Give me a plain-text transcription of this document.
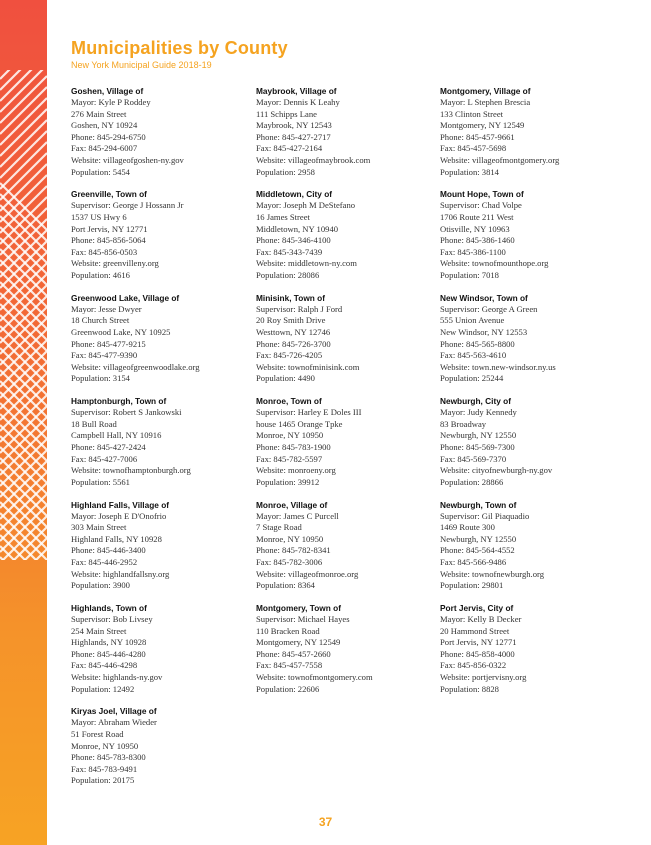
Municipalities by County
New York Municipal Guide 2018-19
Goshen, Village of
Mayor: Kyle P Roddey
276 Main Street
Goshen, NY 10924
Phone: 845-294-6750
Fax: 845-294-6007
Website: villageofgoshen-ny.gov
Population: 5454
Greenville, Town of
Supervisor: George J Hossann Jr
1537 US Hwy 6
Port Jervis, NY 12771
Phone: 845-856-5064
Fax: 845-856-0503
Website: greenvilleny.org
Population: 4616
Greenwood Lake, Village of
Mayor: Jesse Dwyer
18 Church Street
Greenwood Lake, NY 10925
Phone: 845-477-9215
Fax: 845-477-9390
Website: villageofgreenwoodlake.org
Population: 3154
Hamptonburgh, Town of
Supervisor: Robert S Jankowski
18 Bull Road
Campbell Hall, NY 10916
Phone: 845-427-2424
Fax: 845-427-7006
Website: townofhamptonburgh.org
Population: 5561
Highland Falls, Village of
Mayor: Joseph E D'Onofrio
303 Main Street
Highland Falls, NY 10928
Phone: 845-446-3400
Fax: 845-446-2952
Website: highlandfallsny.org
Population: 3900
Highlands, Town of
Supervisor: Bob Livsey
254 Main Street
Highlands, NY 10928
Phone: 845-446-4280
Fax: 845-446-4298
Website: highlands-ny.gov
Population: 12492
Kiryas Joel, Village of
Mayor: Abraham Wieder
51 Forest Road
Monroe, NY 10950
Phone: 845-783-8300
Fax: 845-783-9491
Population: 20175
Maybrook, Village of
Mayor: Dennis K Leahy
111 Schipps Lane
Maybrook, NY 12543
Phone: 845-427-2717
Fax: 845-427-2164
Website: villageofmaybrook.com
Population: 2958
Middletown, City of
Mayor: Joseph M DeStefano
16 James Street
Middletown, NY 10940
Phone: 845-346-4100
Fax: 845-343-7439
Website: middletown-ny.com
Population: 28086
Minisink, Town of
Supervisor: Ralph J Ford
20 Roy Smith Drive
Westtown, NY 12746
Phone: 845-726-3700
Fax: 845-726-4205
Website: townofminisink.com
Population: 4490
Monroe, Town of
Supervisor: Harley E Doles III
house 1465 Orange Tpke
Monroe, NY 10950
Phone: 845-783-1900
Fax: 845-782-5597
Website: monroeny.org
Population: 39912
Monroe, Village of
Mayor: James C Purcell
7 Stage Road
Monroe, NY 10950
Phone: 845-782-8341
Fax: 845-782-3006
Website: villageofmonroe.org
Population: 8364
Montgomery, Town of
Supervisor: Michael Hayes
110 Bracken Road
Montgomery, NY 12549
Phone: 845-457-2660
Fax: 845-457-7558
Website: townofmontgomery.com
Population: 22606
Montgomery, Village of
Mayor: L Stephen Brescia
133 Clinton Street
Montgomery, NY 12549
Phone: 845-457-9661
Fax: 845-457-5698
Website: villageofmontgomery.org
Population: 3814
Mount Hope, Town of
Supervisor: Chad Volpe
1706 Route 211 West
Otisville, NY 10963
Phone: 845-386-1460
Fax: 845-386-1100
Website: townofmounthope.org
Population: 7018
New Windsor, Town of
Supervisor: George A Green
555 Union Avenue
New Windsor, NY 12553
Phone: 845-565-8800
Fax: 845-563-4610
Website: town.new-windsor.ny.us
Population: 25244
Newburgh, City of
Mayor: Judy Kennedy
83 Broadway
Newburgh, NY 12550
Phone: 845-569-7300
Fax: 845-569-7370
Website: cityofnewburgh-ny.gov
Population: 28866
Newburgh, Town of
Supervisor: Gil Piaquadio
1469 Route 300
Newburgh, NY 12550
Phone: 845-564-4552
Fax: 845-566-9486
Website: townofnewburgh.org
Population: 29801
Port Jervis, City of
Mayor: Kelly B Decker
20 Hammond Street
Port Jervis, NY 12771
Phone: 845-858-4000
Fax: 845-856-0322
Website: portjervisny.org
Population: 8828
37
